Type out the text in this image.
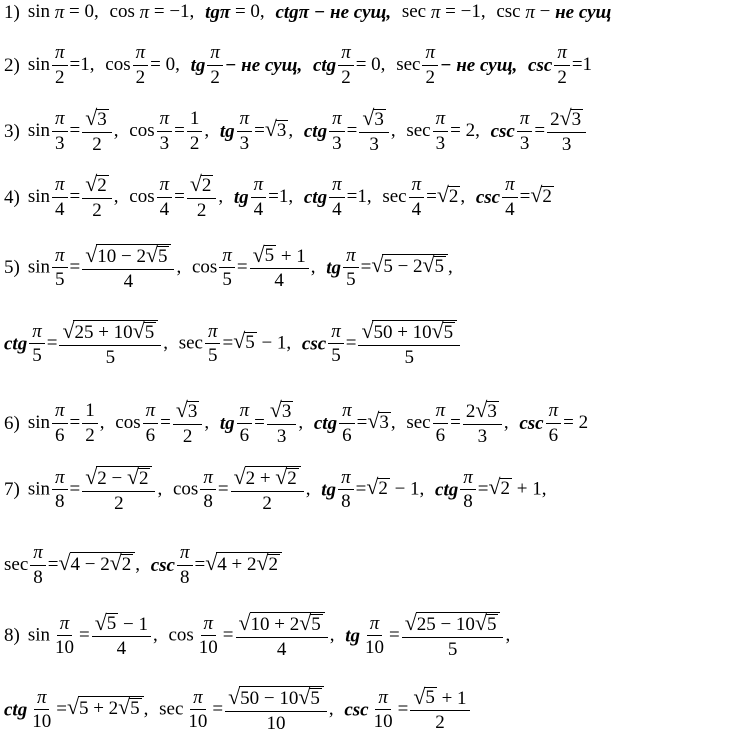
1) sin π = 0, cos π = −1, tgπ = 0, ctgπ − не сущ, sec π = −1, csc π − не сущ
2) $\sin \frac{\pi}{2} =1$, $\cos \frac{\pi}{2} = 0$, tg $\frac{\pi}{2}$ − не сущ, ctg $\frac{\pi}{2} = 0$, $\sec \frac{\pi}{2}$ − не сущ, $\csc \frac{\pi}{2} =1$
3) $\sin \frac{\pi}{3} = \frac{√ 3}{2}$ , $\cos \frac{\pi}{3} = \frac{1}{2}$ , tg $\frac{\pi}{3}$ = √ 3 , ctg $\frac{\pi}{3} = \frac{√ 3}{3}$ , $\sec \frac{\pi}{3} = 2$, $\csc \frac{\pi}{3} = \frac{2 √ 3}{3}$
4) $\sin \frac{\pi}{4} = \frac{√ 2}{2}$ , $\cos \frac{\pi}{4} = \frac{√ 2}{2}$ , tg $\frac{\pi}{4} =1$, ctg $\frac{\pi}{4} =1$, $\sec \frac{\pi}{4}$ = √ 2 , $\csc \frac{\pi}{4}$ = √ 2
5) $\sin \frac{\pi}{5} = \frac{√ 10 - 2 √ 5}{4}$ , $\cos \frac{\pi}{5} = \frac{√ 5 + 1}{4}$ , tg $\frac{\pi}{5}$ = √ 5 − 2 √ 5 ,
ctg $\frac{\pi}{5} = \frac{√ 25 + 10 √ 5}{5}$ , $\sec \frac{\pi}{5}$ = √ 5 − 1, $\csc \frac{\pi}{5} = \frac{√ 50 + 10 √ 5}{5}$
6) $\sin \frac{\pi}{6} = \frac{1}{2}$ , $\cos \frac{\pi}{6} = \frac{√ 3}{2}$ , tg $\frac{\pi}{6} = \frac{√ 3}{3}$ , ctg $\frac{\pi}{6}$ = √ 3 , $\sec \frac{\pi}{6} = \frac{2 √ 3}{3}$ , $\csc \frac{\pi}{6} = 2$
7) $\sin \frac{\pi}{8} = \frac{√ 2 - √ 2}{2}$ , $\cos \frac{\pi}{8} = \frac{√ 2 + √ 2}{2}$ , tg $\frac{\pi}{8}$ = √ 2 − 1, ctg $\frac{\pi}{8}$ = √ 2 + 1,
$\sec \frac{\pi}{8}$ = √ 4 − 2 √ 2 , $\csc \frac{\pi}{8}$ = √ 4 + 2 √ 2
8) $\sin \frac{\pi}{10} = \frac{√ 5 - 1}{4}$ , $\cos \frac{\pi}{10} = \frac{√ 10 + 2 √ 5}{4}$ , tg $\frac{\pi}{10} = \frac{√ 25 - 10 √ 5}{5}$ ,
ctg $\frac{\pi}{10}$ = √ 5 + 2 √ 5 , $\sec \frac{\pi}{10} = \frac{√ 50 - 10 √ 5}{10}$ , $\csc \frac{\pi}{10} = \frac{√ 5 + 1}{2}$
